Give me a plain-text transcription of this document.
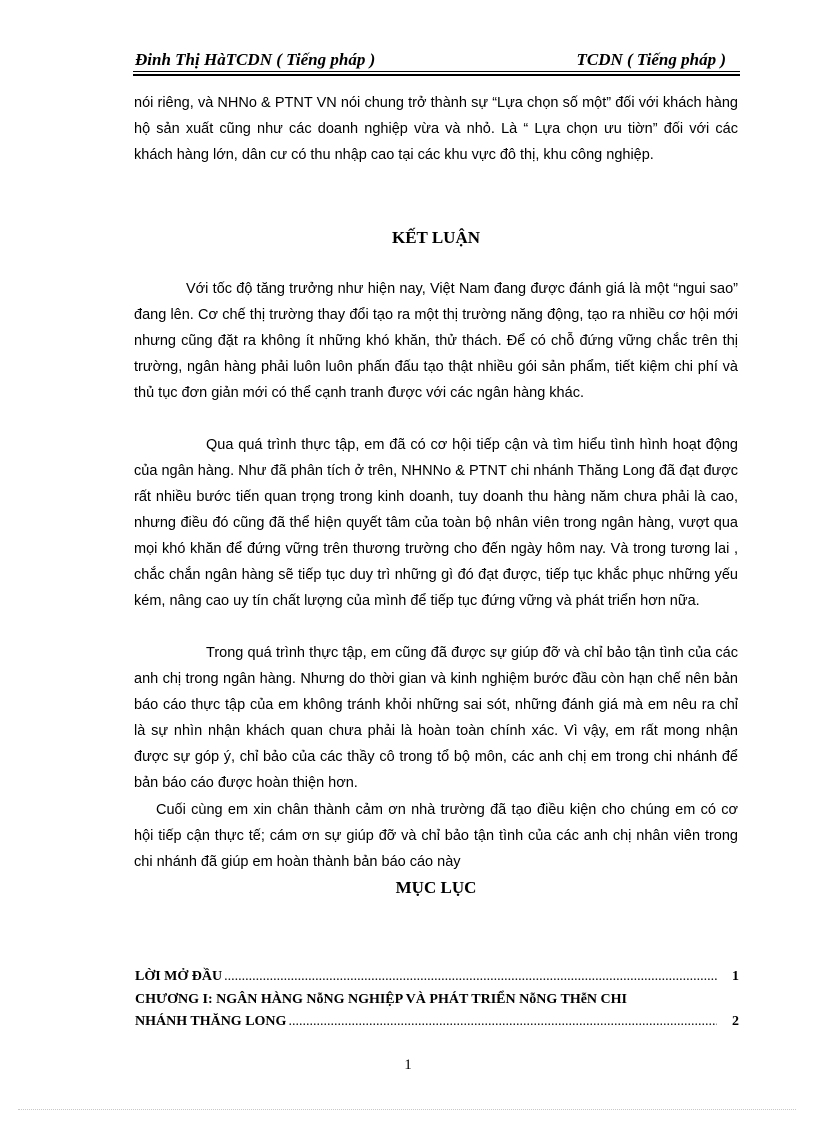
Đinh Thị HàTCDN ( Tiếng pháp )	TCDN ( Tiếng pháp )

nói riêng, và NHNo & PTNT VN nói chung trở thành sự “Lựa chọn số một” đối với khách hàng hộ sản xuất cũng như các doanh nghiệp vừa và nhỏ. Là “ Lựa chọn ưu tiờn” đối với các khách hàng lớn, dân cư có thu nhập cao tại các khu vực đô thị, khu công nghiệp.

KẾT LUẬN

Với tốc độ tăng trưởng như hiện nay, Việt Nam đang được đánh giá là một “ngui sao” đang lên. Cơ chế thị trường thay đổi tạo ra một thị trường năng động, tạo ra nhiều cơ hội mới nhưng cũng đặt ra không ít những khó khăn, thử thách. Để có chỗ đứng vững chắc trên thị trường, ngân hàng phải luôn luôn phấn đấu tạo thật nhiều gói sản phẩm, tiết kiệm chi phí và thủ tục đơn giản mới có thể cạnh tranh được với các ngân hàng khác.

Qua quá trình thực tập, em đã có cơ hội tiếp cận và tìm hiểu tình hình hoạt động của ngân hàng. Như đã phân tích ở trên, NHNNo & PTNT chi nhánh Thăng Long đã đạt được rất nhiều bước tiến quan trọng trong kinh doanh, tuy doanh thu hàng năm chưa phải là cao, nhưng điều đó cũng đã thể hiện quyết tâm của toàn bộ nhân viên trong ngân hàng, vượt qua mọi khó khăn để đứng vững trên thương trường cho đến ngày hôm nay. Và trong tương lai , chắc chắn ngân hàng sẽ tiếp tục duy trì những gì đó đạt được, tiếp tục khắc phục những yếu kém, nâng cao uy tín chất lượng của mình để tiếp tục đứng vững và phát triển hơn nữa.

Trong quá trình thực tập, em cũng đã được sự giúp đỡ và chỉ bảo tận tình của các anh chị trong ngân hàng. Nhưng do thời gian và kinh nghiệm bước đầu còn hạn chế nên bản báo cáo thực tập của em không tránh khỏi những sai sót, những đánh giá mà em nêu ra chỉ là sự nhìn nhận khách quan chưa phải là hoàn toàn chính xác. Vì vậy, em rất mong nhận được sự góp ý, chỉ bảo của các thầy cô trong tổ bộ môn, các anh chị em trong chi nhánh để bản báo cáo được hoàn thiện hơn.

Cuối cùng em xin chân thành cảm ơn nhà trường đã tạo điều kiện cho chúng em có cơ hội tiếp cận thực tế; cám ơn sự giúp đỡ và chỉ bảo tận tình của các anh chị nhân viên trong chi nhánh đã giúp em hoàn thành bản báo cáo này

MỤC LỤC
LỜI MỞ ĐẦU .....	1
CHƯƠNG I: NGÂN HÀNG NỗNG NGHIỆP VÀ PHÁT TRIỂN NỗNG THễN CHI
NHÁNH THĂNG LONG .....	2
1
